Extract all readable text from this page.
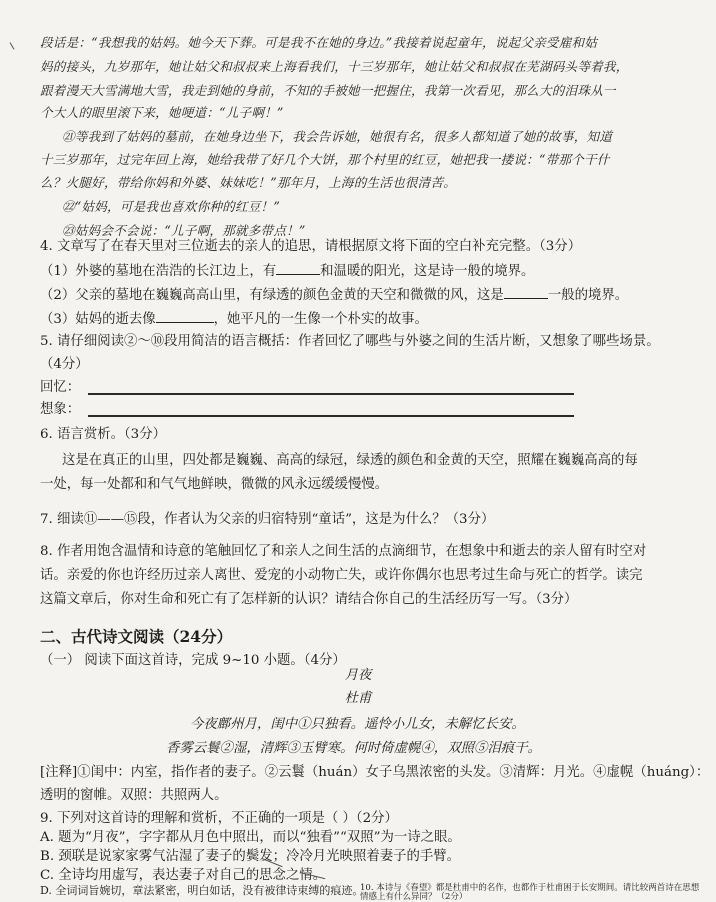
段话是：“我想我的姑妈。她今天下葬。可是我不在她的身边。”我接着说起童年，说起父亲受雇和姑
妈的接头，九岁那年，她让姑父和叔叔来上海看我们，十三岁那年，她让姑父和叔叔在芜湖码头等着我，
跟着漫天大雪满地大雪，我走到她的身前，不知的手被她一把握住，我第一次看见，那么大的泪珠从一
个大人的眼里滚下来，她哽道：“儿子啊！”
㉑等我到了姑妈的墓前，在她身边坐下，我会告诉她，她很有名，很多人都知道了她的故事，知道
十三岁那年，过完年回上海，她给我带了好几个大饼，那个村里的红豆，她把我一搂说：“带那个干什
么？火腿好，带给你妈和外婆、妹妹吃！”那年月，上海的生活也很清苦。
㉒“姑妈，可是我也喜欢你种的红豆！”
㉓姑妈会不会说：“儿子啊，那就多带点！”
4. 文章写了在春天里对三位逝去的亲人的追思，请根据原文将下面的空白补充完整。（3分）
（1）外婆的墓地在浩浩的长江边上，有	和温暖的阳光，这是诗一般的境界。
（2）父亲的墓地在巍巍高高山里，有绿透的颜色金黄的天空和微微的风，这是	一般的境界。
（3）姑妈的逝去像	，她平凡的一生像一个朴实的故事。
5. 请仔细阅读②～⑩段用简洁的语言概括：作者回忆了哪些与外婆之间的生活片断，又想象了哪些场景。
（4分）
回忆：
想象：
6. 语言赏析。（3分）
这是在真正的山里，四处都是巍巍、高高的绿冠，绿透的颜色和金黄的天空，照耀在巍巍高高的每
一处，每一处都和和气气地鲜映，微微的风永远缓缓慢慢。
7. 细读⑪——⑮段，作者认为父亲的归宿特别“童话”，这是为什么？（3分）
8. 作者用饱含温情和诗意的笔触回忆了和亲人之间生活的点滴细节，在想象中和逝去的亲人留有时空对
话。亲爱的你也许经历过亲人离世、爱宠的小动物亡失，或许你偶尔也思考过生命与死亡的哲学。读完
这篇文章后，你对生命和死亡有了怎样新的认识？请结合你自己的生活经历写一写。（3分）
二、古代诗文阅读（24分）
（一） 阅读下面这首诗，完成 9~10 小题。（4分）
月夜
杜甫
今夜鄜州月，闺中①只独看。遥怜小儿女，未解忆长安。
香雾云鬟②湿，清辉③玉臂寒。何时倚虚幌④，双照⑤泪痕干。
[注释]①闺中：内室，指作者的妻子。②云鬟（huán）女子乌黑浓密的头发。③清辉：月光。④虚幌（huáng）：
透明的窗帷。双照：共照两人。
9. 下列对这首诗的理解和赏析，不正确的一项是（ ）（2分）
A. 题为“月夜”，字字都从月色中照出，而以“独看”“双照”为一诗之眼。
B. 颈联是说家家雾气沾湿了妻子的鬓发；冷冷月光映照着妻子的手臂。
C. 全诗均用虚写，表达妻子对自己的思念之情。
D. 全词词旨婉切，章法紧密，明白如话，没有被律诗束缚的痕迹。
10. 本诗与《春望》都是杜甫中的名作，也都作于杜甫困于长安期间。请比较两首诗在思想情感上有什么异同？（2分）
